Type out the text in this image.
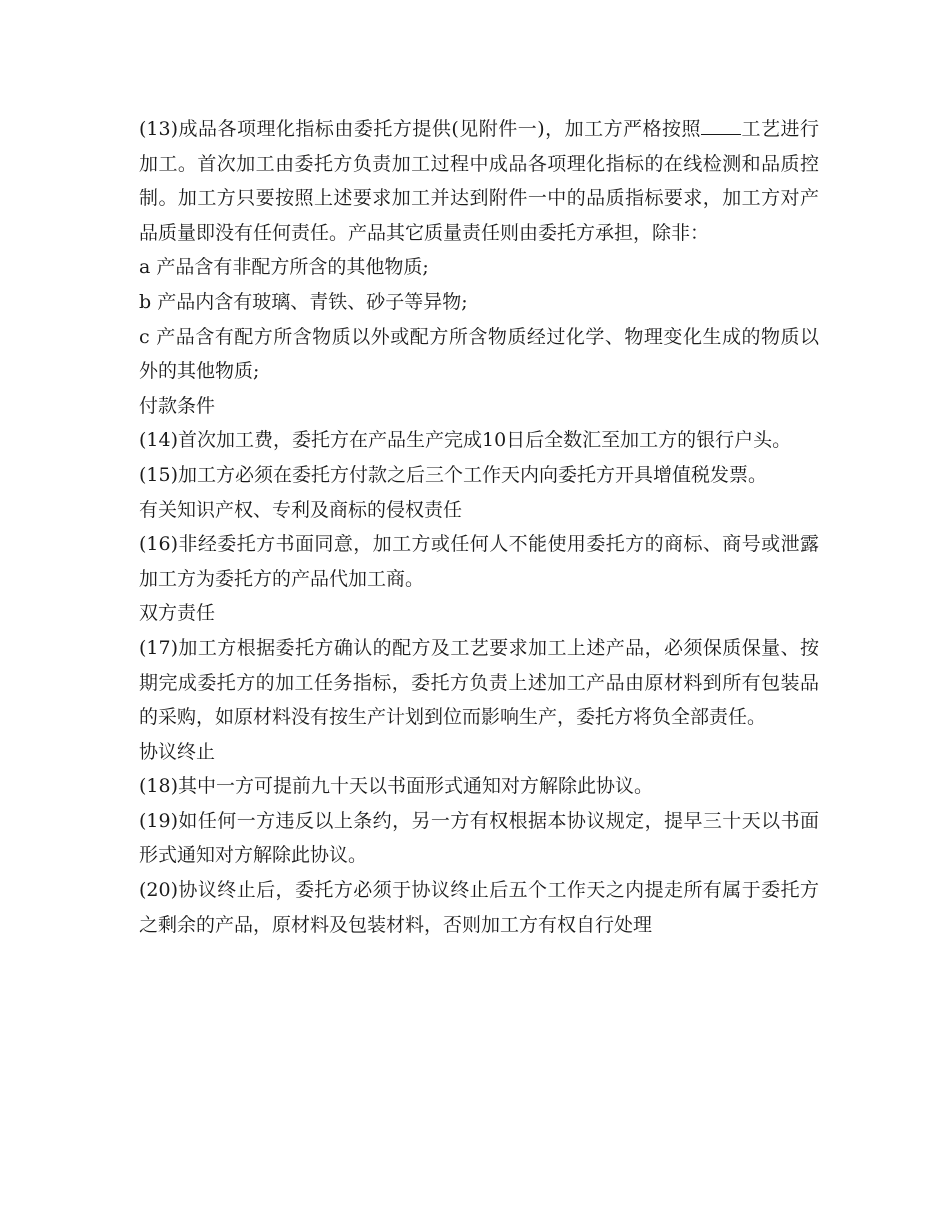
(13)成品各项理化指标由委托方提供(见附件一)，加工方严格按照 工艺进行加工。首次加工由委托方负责加工过程中成品各项理化指标的在线检测和品质控制。加工方只要按照上述要求加工并达到附件一中的品质指标要求，加工方对产品质量即没有任何责任。产品其它质量责任则由委托方承担，除非：

a 产品含有非配方所含的其他物质;

b 产品内含有玻璃、青铁、砂子等异物;

c 产品含有配方所含物质以外或配方所含物质经过化学、物理变化生成的物质以外的其他物质;

付款条件

(14)首次加工费，委托方在产品生产完成10日后全数汇至加工方的银行户头。

(15)加工方必须在委托方付款之后三个工作天内向委托方开具增值税发票。

有关知识产权、专利及商标的侵权责任

(16)非经委托方书面同意，加工方或任何人不能使用委托方的商标、商号或泄露加工方为委托方的产品代加工商。

双方责任

(17)加工方根据委托方确认的配方及工艺要求加工上述产品，必须保质保量、按期完成委托方的加工任务指标，委托方负责上述加工产品由原材料到所有包装品的采购，如原材料没有按生产计划到位而影响生产，委托方将负全部责任。

协议终止

(18)其中一方可提前九十天以书面形式通知对方解除此协议。

(19)如任何一方违反以上条约，另一方有权根据本协议规定，提早三十天以书面形式通知对方解除此协议。

(20)协议终止后，委托方必须于协议终止后五个工作天之内提走所有属于委托方之剩余的产品，原材料及包装材料，否则加工方有权自行处理
